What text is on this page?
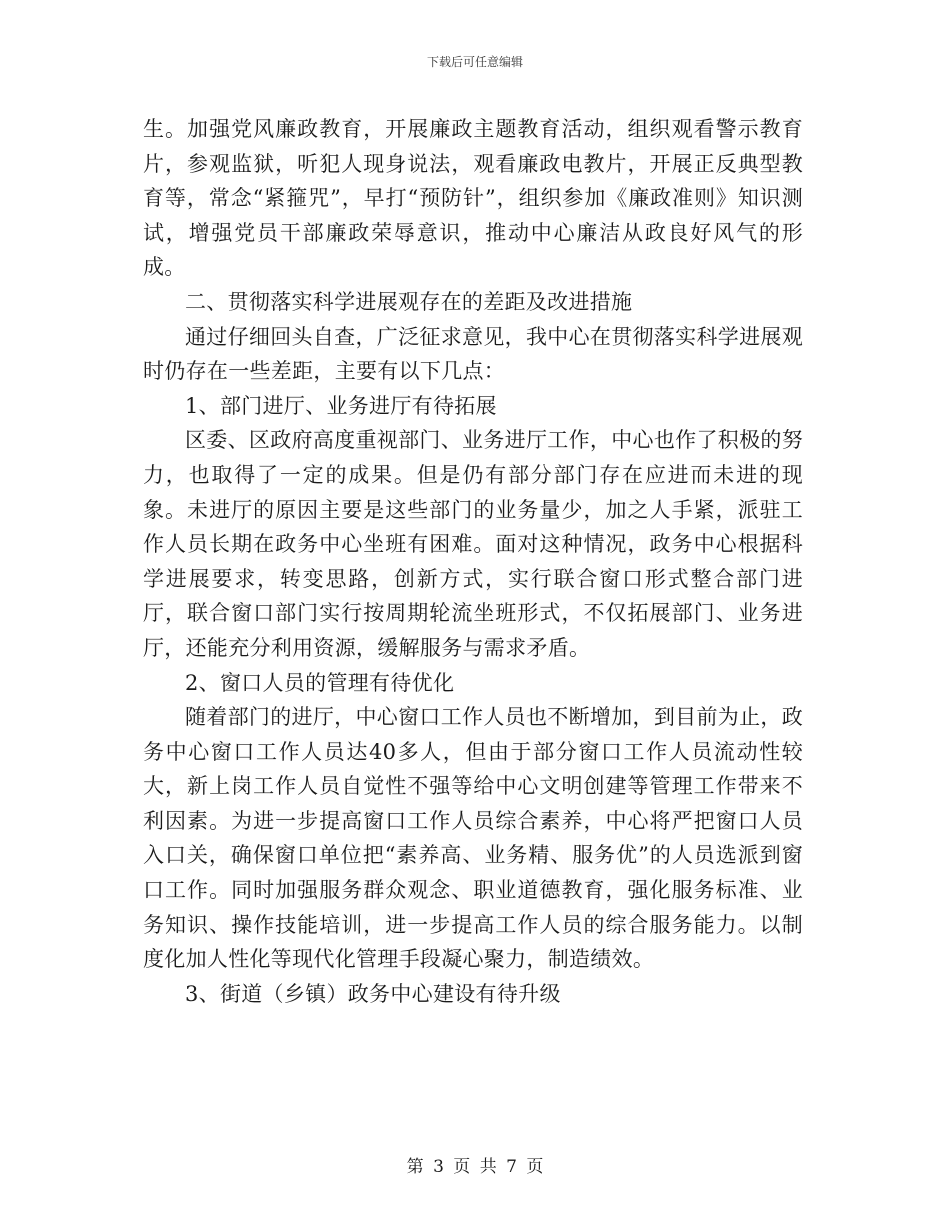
下载后可任意编辑

生。加强党风廉政教育，开展廉政主题教育活动，组织观看警示教育片，参观监狱，听犯人现身说法，观看廉政电教片，开展正反典型教育等，常念“紧箍咒”，早打“预防针”，组织参加《廉政准则》知识测试，增强党员干部廉政荣辱意识，推动中心廉洁从政良好风气的形成。

二、贯彻落实科学进展观存在的差距及改进措施

通过仔细回头自查，广泛征求意见，我中心在贯彻落实科学进展观时仍存在一些差距，主要有以下几点：

1、部门进厅、业务进厅有待拓展

区委、区政府高度重视部门、业务进厅工作，中心也作了积极的努力，也取得了一定的成果。但是仍有部分部门存在应进而未进的现象。未进厅的原因主要是这些部门的业务量少，加之人手紧，派驻工作人员长期在政务中心坐班有困难。面对这种情况，政务中心根据科学进展要求，转变思路，创新方式，实行联合窗口形式整合部门进厅，联合窗口部门实行按周期轮流坐班形式，不仅拓展部门、业务进厅，还能充分利用资源，缓解服务与需求矛盾。

2、窗口人员的管理有待优化

随着部门的进厅，中心窗口工作人员也不断增加，到目前为止，政务中心窗口工作人员达40多人，但由于部分窗口工作人员流动性较大，新上岗工作人员自觉性不强等给中心文明创建等管理工作带来不利因素。为进一步提高窗口工作人员综合素养，中心将严把窗口人员入口关，确保窗口单位把“素养高、业务精、服务优”的人员选派到窗口工作。同时加强服务群众观念、职业道德教育，强化服务标准、业务知识、操作技能培训，进一步提高工作人员的综合服务能力。以制度化加人性化等现代化管理手段凝心聚力，制造绩效。

3、街道（乡镇）政务中心建设有待升级

第 3 页 共 7 页
